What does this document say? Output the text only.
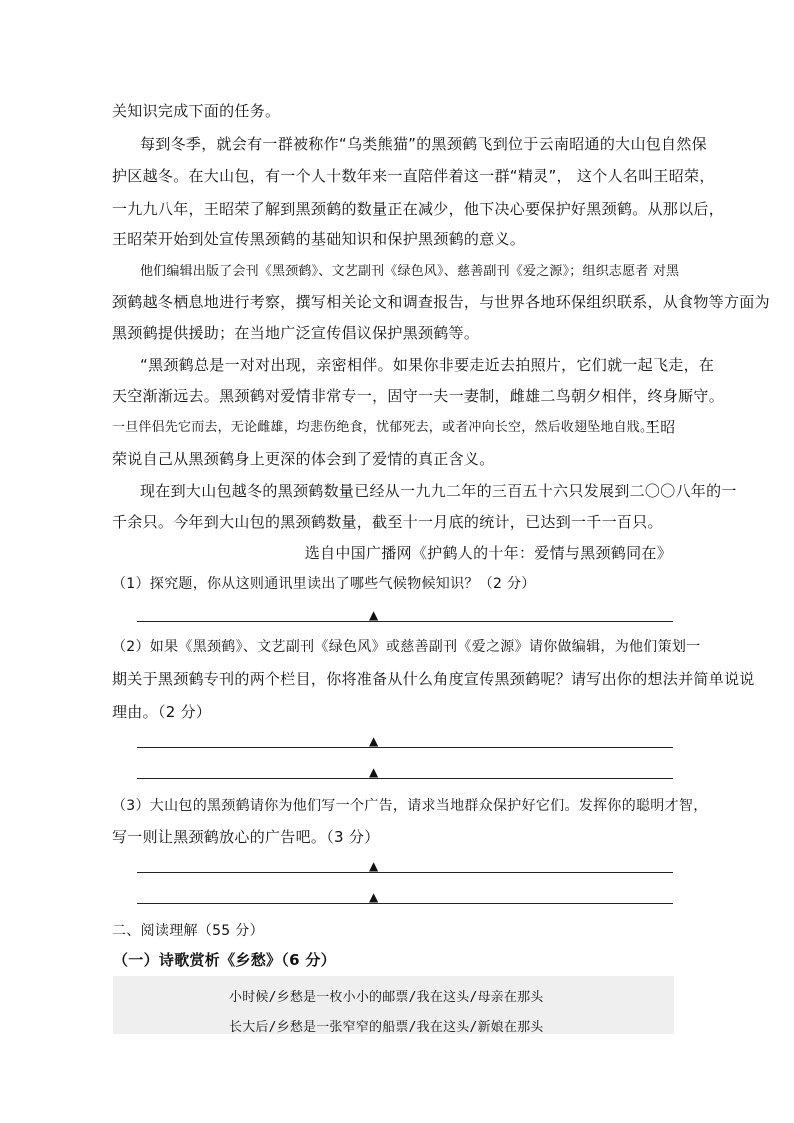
关知识完成下面的任务。
每到冬季，就会有一群被称作“乌类熊猫”的黑颈鹤飞到位于云南昭通的大山包自然保
护区越冬。在大山包，有一个人十数年来一直陪伴着这一群“精灵”， 这个人名叫王昭荣，
一九九八年，王昭荣了解到黑颈鹤的数量正在减少，他下决心要保护好黑颈鹤。从那以后，
王昭荣开始到处宣传黑颈鹤的基础知识和保护黑颈鹤的意义。
他们编辑出版了会刊《黑颈鹤》、文艺副刊《绿色风》、慈善副刊《爱之源》；组织志愿者 对黑
颈鹤越冬栖息地进行考察，撰写相关论文和调查报告，与世界各地环保组织联系，从食物等方面为
黑颈鹤提供援助；在当地广泛宣传倡议保护黑颈鹤等。
“黑颈鹤总是一对对出现，亲密相伴。如果你非要走近去拍照片，它们就一起飞走，在
天空渐渐远去。黑颈鹤对爱情非常专一，固守一夫一妻制，雌雄二鸟朝夕相伴，终身厮守。
一旦伴侣先它而去，无论雌雄，均悲伤绝食，忧郁死去，或者冲向长空，然后收翅坠地自戕。”
王昭
荣说自己从黑颈鹤身上更深的体会到了爱情的真正含义。
现在到大山包越冬的黑颈鹤数量已经从一九九二年的三百五十六只发展到二〇〇八年的一
千余只。今年到大山包的黑颈鹤数量，截至十一月底的统计，已达到一千一百只。
选自中国广播网《护鹤人的十年：爱情与黑颈鹤同在》
（1）探究题，你从这则通讯里读出了哪些气候物候知识？（2 分）
▲
（2）如果《黑颈鹤》、文艺副刊《绿色风》或慈善副刊《爱之源》请你做编辑，为他们策划一
期关于黑颈鹤专刊的两个栏目，你将准备从什么角度宣传黑颈鹤呢？请写出你的想法并简单说说
理由。（2 分）
▲
▲
（3）大山包的黑颈鹤请你为他们写一个广告，请求当地群众保护好它们。发挥你的聪明才智，
写一则让黑颈鹤放心的广告吧。（3 分）
▲
▲
二、阅读理解（55 分）
（一）诗歌赏析《乡愁》（6 分）
小时候/乡愁是一枚小小的邮票/我在这头/母亲在那头
长大后/乡愁是一张窄窄的船票/我在这头/新娘在那头
